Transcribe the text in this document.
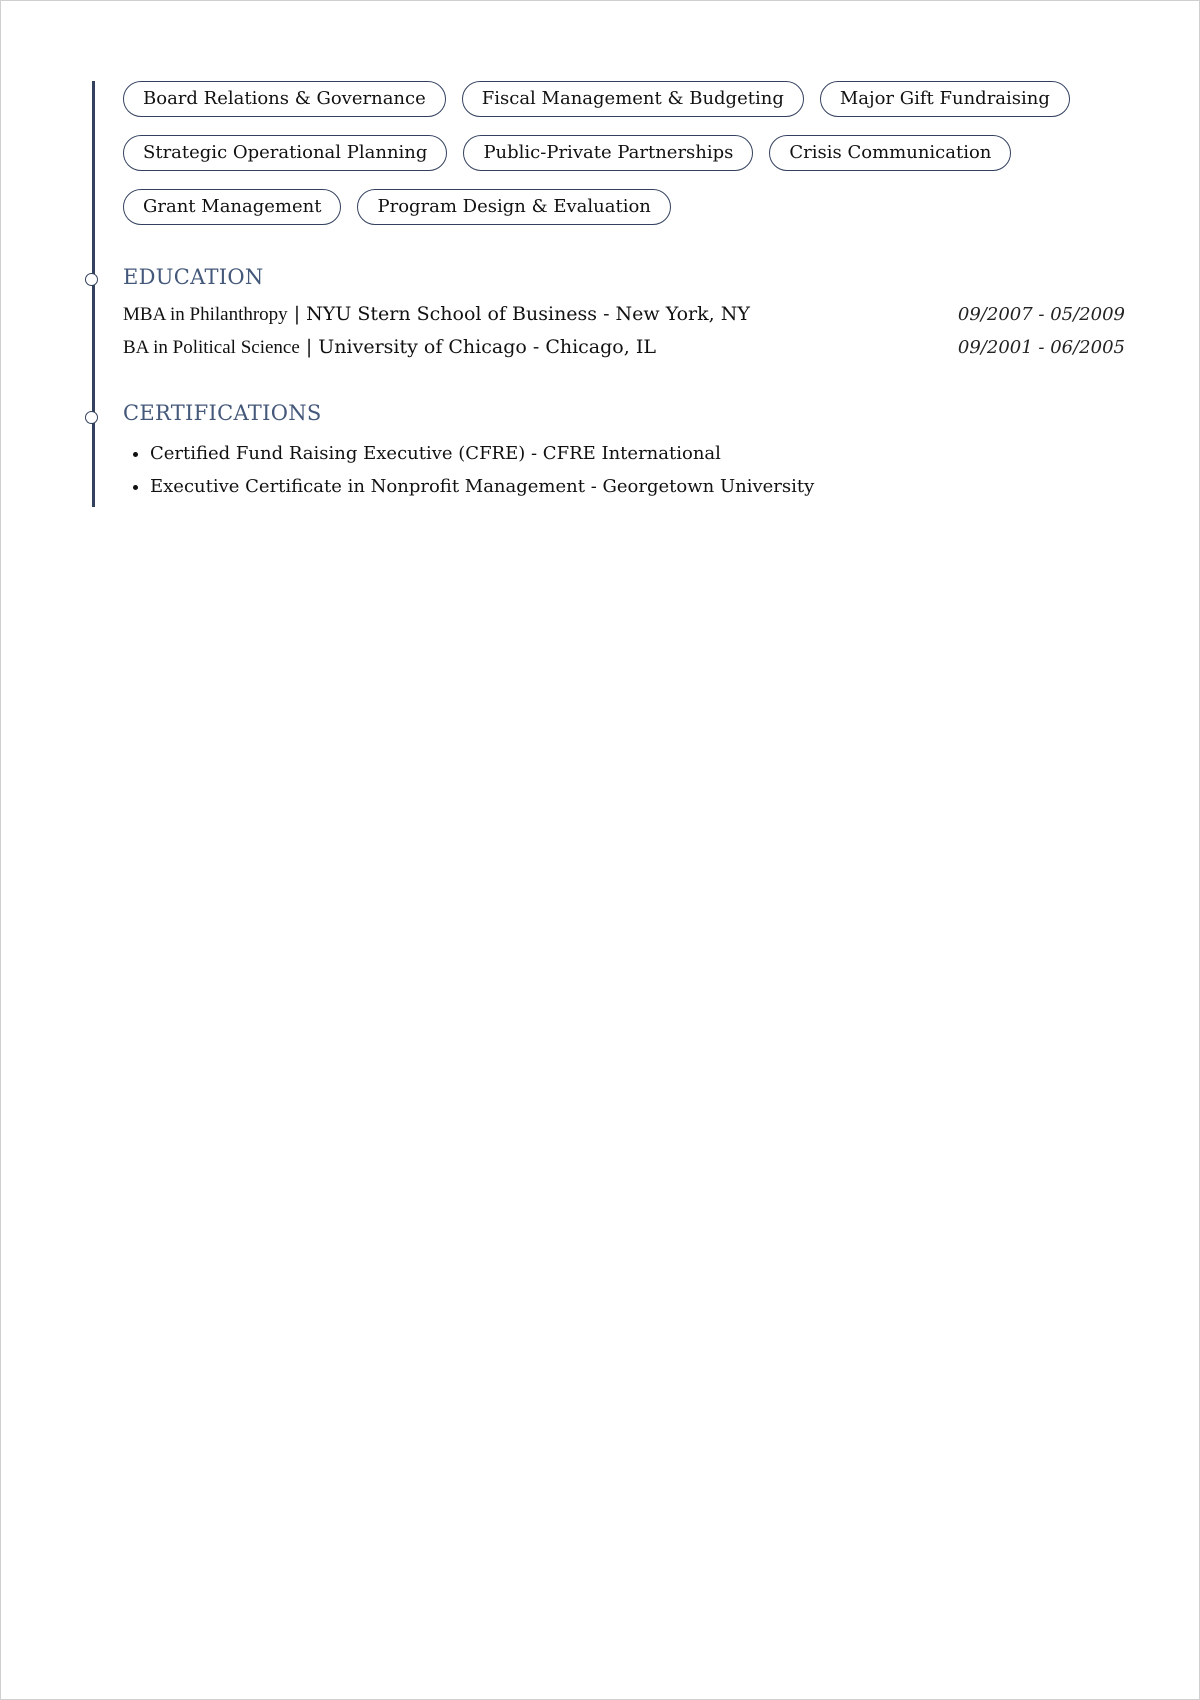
Board Relations & Governance	Fiscal Management & Budgeting	Major Gift Fundraising
Strategic Operational Planning	Public-Private Partnerships	Crisis Communication
Grant Management	Program Design & Evaluation
EDUCATION
MBA in Philanthropy | NYU Stern School of Business - New York, NY	09/2007 - 05/2009
BA in Political Science | University of Chicago - Chicago, IL	09/2001 - 06/2005
CERTIFICATIONS
• Certified Fund Raising Executive (CFRE) - CFRE International
• Executive Certificate in Nonprofit Management - Georgetown University
